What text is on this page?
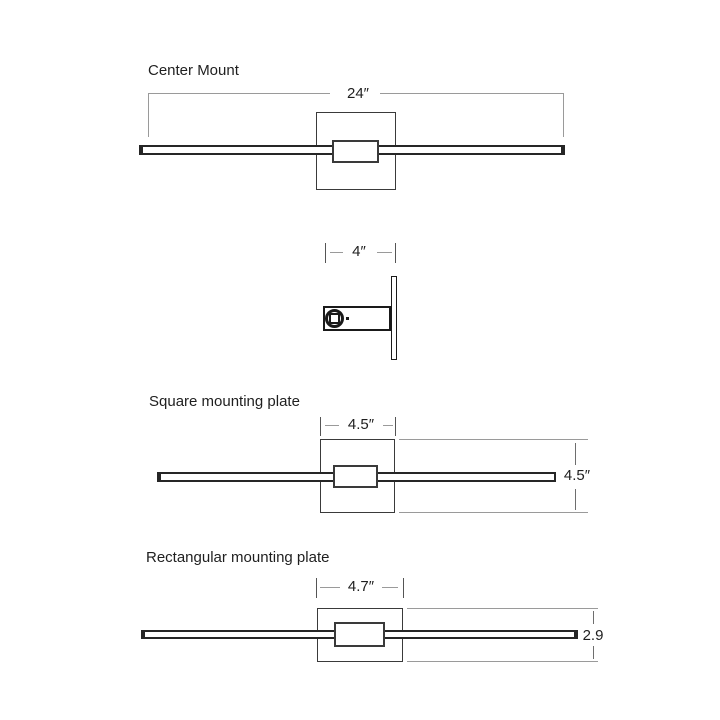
Center Mount
24″
4″
Square mounting plate
4.5″
4.5″
Rectangular mounting plate
4.7″
2.9
